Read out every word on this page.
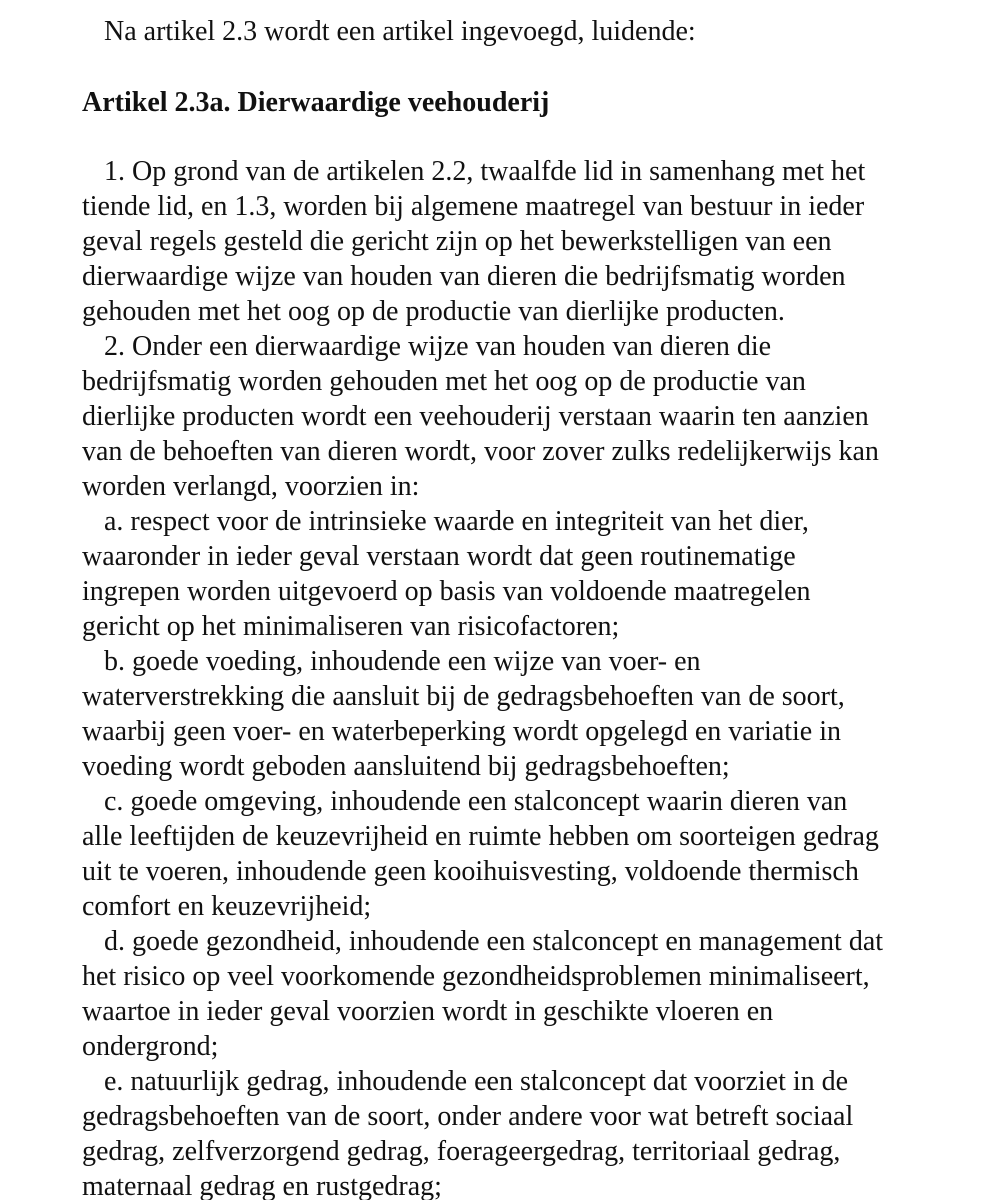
Na artikel 2.3 wordt een artikel ingevoegd, luidende:
Artikel 2.3a. Dierwaardige veehouderij
1. Op grond van de artikelen 2.2, twaalfde lid in samenhang met het
tiende lid, en 1.3, worden bij algemene maatregel van bestuur in ieder
geval regels gesteld die gericht zijn op het bewerkstelligen van een
dierwaardige wijze van houden van dieren die bedrijfsmatig worden
gehouden met het oog op de productie van dierlijke producten.
2. Onder een dierwaardige wijze van houden van dieren die
bedrijfsmatig worden gehouden met het oog op de productie van
dierlijke producten wordt een veehouderij verstaan waarin ten aanzien
van de behoeften van dieren wordt, voor zover zulks redelijkerwijs kan
worden verlangd, voorzien in:
a. respect voor de intrinsieke waarde en integriteit van het dier,
waaronder in ieder geval verstaan wordt dat geen routinematige
ingrepen worden uitgevoerd op basis van voldoende maatregelen
gericht op het minimaliseren van risicofactoren;
b. goede voeding, inhoudende een wijze van voer- en
waterverstrekking die aansluit bij de gedragsbehoeften van de soort,
waarbij geen voer- en waterbeperking wordt opgelegd en variatie in
voeding wordt geboden aansluitend bij gedragsbehoeften;
c. goede omgeving, inhoudende een stalconcept waarin dieren van
alle leeftijden de keuzevrijheid en ruimte hebben om soorteigen gedrag
uit te voeren, inhoudende geen kooihuisvesting, voldoende thermisch
comfort en keuzevrijheid;
d. goede gezondheid, inhoudende een stalconcept en management dat
het risico op veel voorkomende gezondheidsproblemen minimaliseert,
waartoe in ieder geval voorzien wordt in geschikte vloeren en
ondergrond;
e. natuurlijk gedrag, inhoudende een stalconcept dat voorziet in de
gedragsbehoeften van de soort, onder andere voor wat betreft sociaal
gedrag, zelfverzorgend gedrag, foerageergedrag, territoriaal gedrag,
maternaal gedrag en rustgedrag;
